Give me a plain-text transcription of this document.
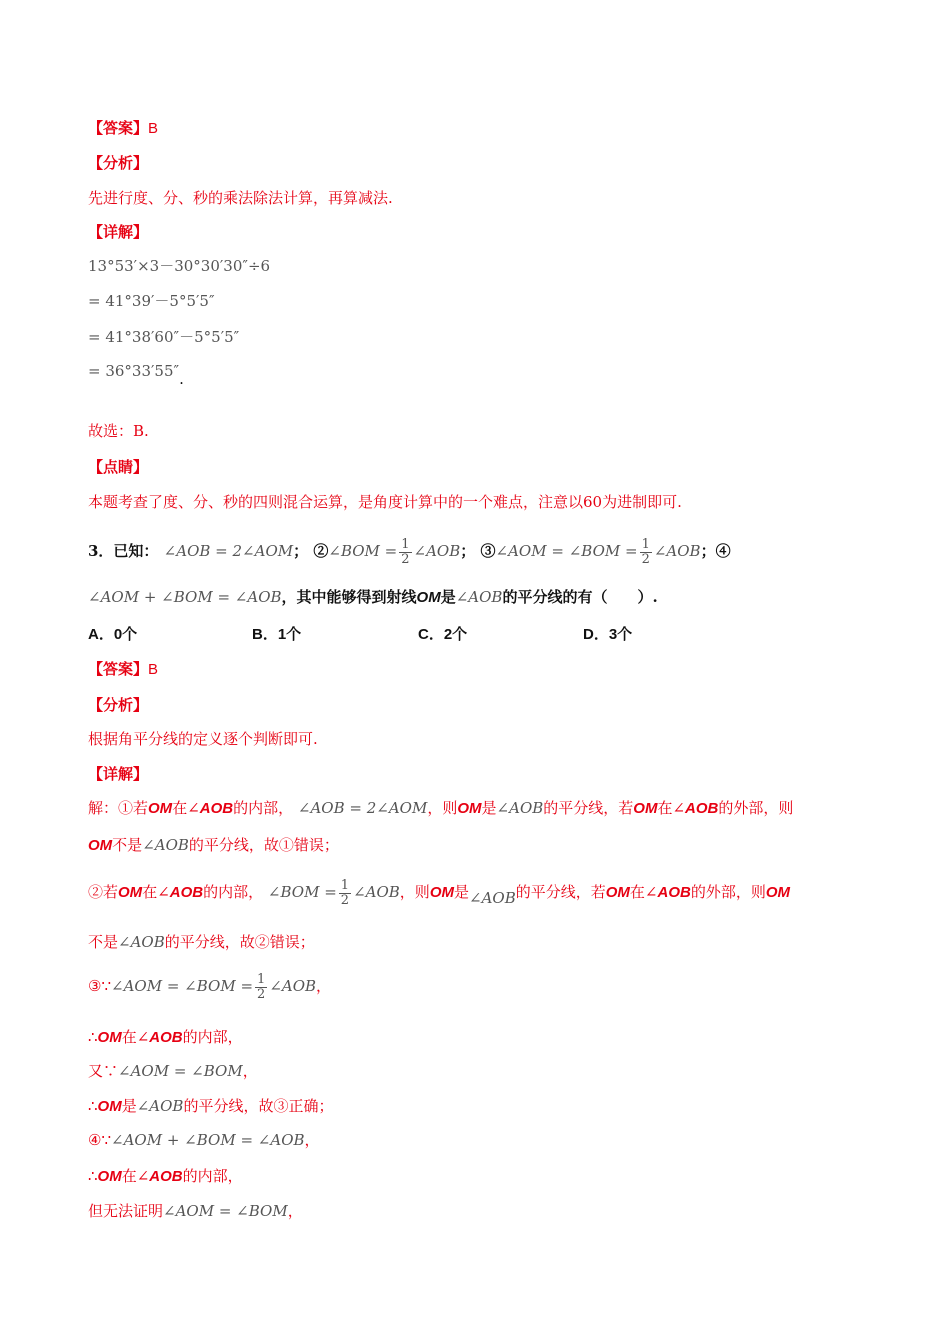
【答案】B
【分析】
先进行度、分、秒的乘法除法计算，再算减法.
【详解】
13°53′×3－30°30′30″÷6
= 41°39′－5°5′5″
= 41°38′60″－5°5′5″
= 36°33′55″.
故选：B.
【点睛】
本题考查了度、分、秒的四则混合运算，是角度计算中的一个难点，注意以60为进制即可.
3．已知： ∠AOB = 2∠AOM； ②∠BOM = $\frac{1}{2}$ ∠AOB； ③∠AOM = ∠BOM = $\frac{1}{2}$ ∠AOB；④
∠AOM + ∠BOM = ∠AOB，其中能够得到射线OM是∠AOB的平分线的有（　　）.
A．0个	B．1个	C．2个	D．3个
【答案】B
【分析】
根据角平分线的定义逐个判断即可.
【详解】
解：①若OM在∠AOB的内部， ∠AOB = 2∠AOM，则OM是∠AOB的平分线，若OM在∠AOB的外部，则
OM不是∠AOB的平分线，故①错误；
②若OM在∠AOB的内部， ∠BOM = $\frac{1}{2}$ ∠AOB，则OM是∠AOB的平分线，若OM在∠AOB的外部，则OM
不是∠AOB的平分线，故②错误；
③∵∠AOM = ∠BOM = $\frac{1}{2}$ ∠AOB，
∴OM在∠AOB的内部，
又∵∠AOM = ∠BOM，
∴OM是∠AOB的平分线，故③正确；
④∵∠AOM + ∠BOM = ∠AOB，
∴OM在∠AOB的内部，
但无法证明∠AOM = ∠BOM，
